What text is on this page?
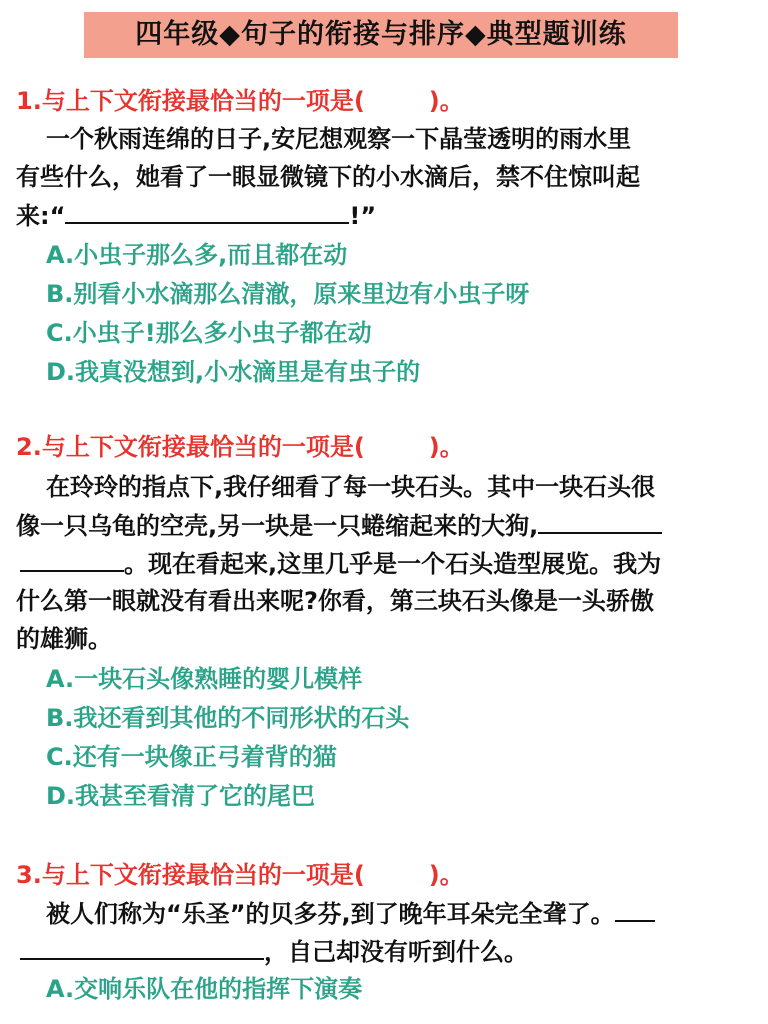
四年级◆句子的衔接与排序◆典型题训练
1.与上下文衔接最恰当的一项是(	)。
一个秋雨连绵的日子,安尼想观察一下晶莹透明的雨水里
有些什么，她看了一眼显微镜下的小水滴后，禁不住惊叫起
来:“	!”
A.小虫子那么多,而且都在动
B.别看小水滴那么清澈，原来里边有小虫子呀
C.小虫子!那么多小虫子都在动
D.我真没想到,小水滴里是有虫子的
2.与上下文衔接最恰当的一项是(	)。
在玲玲的指点下,我仔细看了每一块石头。其中一块石头很
像一只乌龟的空壳,另一块是一只蜷缩起来的大狗,
。现在看起来,这里几乎是一个石头造型展览。我为
什么第一眼就没有看出来呢?你看，第三块石头像是一头骄傲
的雄狮。
A.一块石头像熟睡的婴儿模样
B.我还看到其他的不同形状的石头
C.还有一块像正弓着背的猫
D.我甚至看清了它的尾巴
3.与上下文衔接最恰当的一项是(	)。
被人们称为“乐圣”的贝多芬,到了晚年耳朵完全聋了。
，自己却没有听到什么。
A.交响乐队在他的指挥下演奏
